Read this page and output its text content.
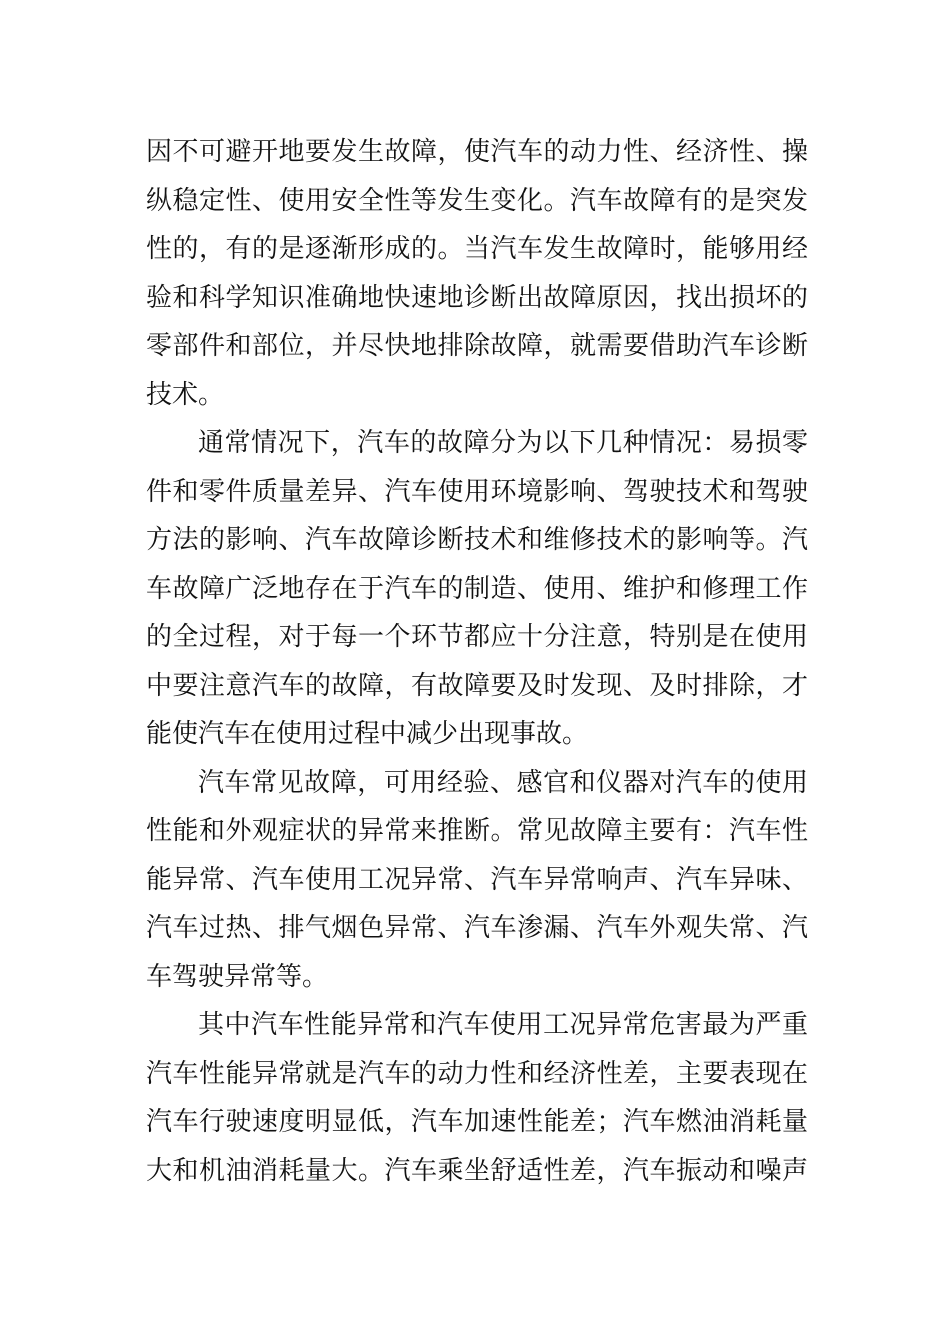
因不可避开地要发生故障，使汽车的动力性、经济性、操
纵稳定性、使用安全性等发生变化。汽车故障有的是突发
性的，有的是逐渐形成的。当汽车发生故障时，能够用经
验和科学知识准确地快速地诊断出故障原因，找出损坏的
零部件和部位，并尽快地排除故障，就需要借助汽车诊断
技术。
通常情况下，汽车的故障分为以下几种情况：易损零
件和零件质量差异、汽车使用环境影响、驾驶技术和驾驶
方法的影响、汽车故障诊断技术和维修技术的影响等。汽
车故障广泛地存在于汽车的制造、使用、维护和修理工作
的全过程，对于每一个环节都应十分注意，特别是在使用
中要注意汽车的故障，有故障要及时发现、及时排除，才
能使汽车在使用过程中减少出现事故。
汽车常见故障，可用经验、感官和仪器对汽车的使用
性能和外观症状的异常来推断。常见故障主要有：汽车性
能异常、汽车使用工况异常、汽车异常响声、汽车异味、
汽车过热、排气烟色异常、汽车渗漏、汽车外观失常、汽
车驾驶异常等。
其中汽车性能异常和汽车使用工况异常危害最为严重
汽车性能异常就是汽车的动力性和经济性差，主要表现在
汽车行驶速度明显低，汽车加速性能差；汽车燃油消耗量
大和机油消耗量大。汽车乘坐舒适性差，汽车振动和噪声
